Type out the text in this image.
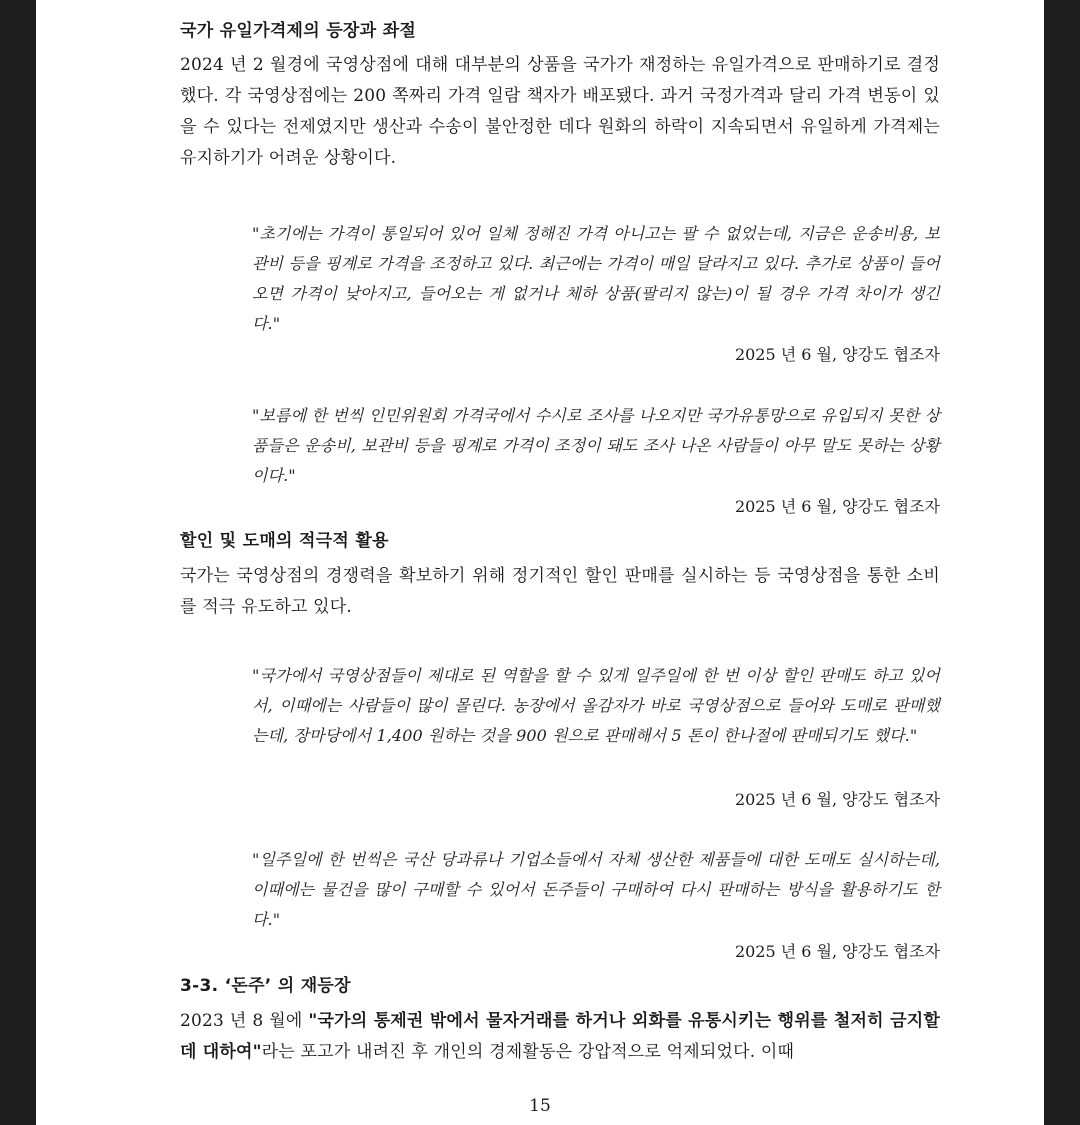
국가 유일가격제의 등장과 좌절

2024 년 2 월경에 국영상점에 대해 대부분의 상품을 국가가 재정하는 유일가격으로 판매하기로 결정했다. 각 국영상점에는 200 쪽짜리 가격 일람 책자가 배포됐다. 과거 국정가격과 달리 가격 변동이 있을 수 있다는 전제였지만 생산과 수송이 불안정한 데다 원화의 하락이 지속되면서 유일하게 가격제는 유지하기가 어려운 상황이다.

"초기에는 가격이 통일되어 있어 일체 정해진 가격 아니고는 팔 수 없었는데, 지금은 운송비용, 보관비 등을 핑계로 가격을 조정하고 있다. 최근에는 가격이 매일 달라지고 있다. 추가로 상품이 들어오면 가격이 낮아지고, 들어오는 게 없거나 체하 상품(팔리지 않는)이 될 경우 가격 차이가 생긴다."
2025 년 6 월, 양강도 협조자
"보름에 한 번씩 인민위원회 가격국에서 수시로 조사를 나오지만 국가유통망으로 유입되지 못한 상품들은 운송비, 보관비 등을 핑계로 가격이 조정이 돼도 조사 나온 사람들이 아무 말도 못하는 상황이다."
2025 년 6 월, 양강도 협조자
할인 및 도매의 적극적 활용

국가는 국영상점의 경쟁력을 확보하기 위해 정기적인 할인 판매를 실시하는 등 국영상점을 통한 소비를 적극 유도하고 있다.

"국가에서 국영상점들이 제대로 된 역할을 할 수 있게 일주일에 한 번 이상 할인 판매도 하고 있어서, 이때에는 사람들이 많이 몰린다. 농장에서 올감자가 바로 국영상점으로 들어와 도매로 판매했는데, 장마당에서 1,400 원하는 것을 900 원으로 판매해서 5 톤이 한나절에 판매되기도 했다."
2025 년 6 월, 양강도 협조자
"일주일에 한 번씩은 국산 당과류나 기업소들에서 자체 생산한 제품들에 대한 도매도 실시하는데, 이때에는 물건을 많이 구매할 수 있어서 돈주들이 구매하여 다시 판매하는 방식을 활용하기도 한다."
2025 년 6 월, 양강도 협조자
3-3. ‘돈주’ 의 재등장

2023 년 8 월에 "국가의 통제권 밖에서 물자거래를 하거나 외화를 유통시키는 행위를 철저히 금지할 데 대하여"라는 포고가 내려진 후 개인의 경제활동은 강압적으로 억제되었다. 이때

15
